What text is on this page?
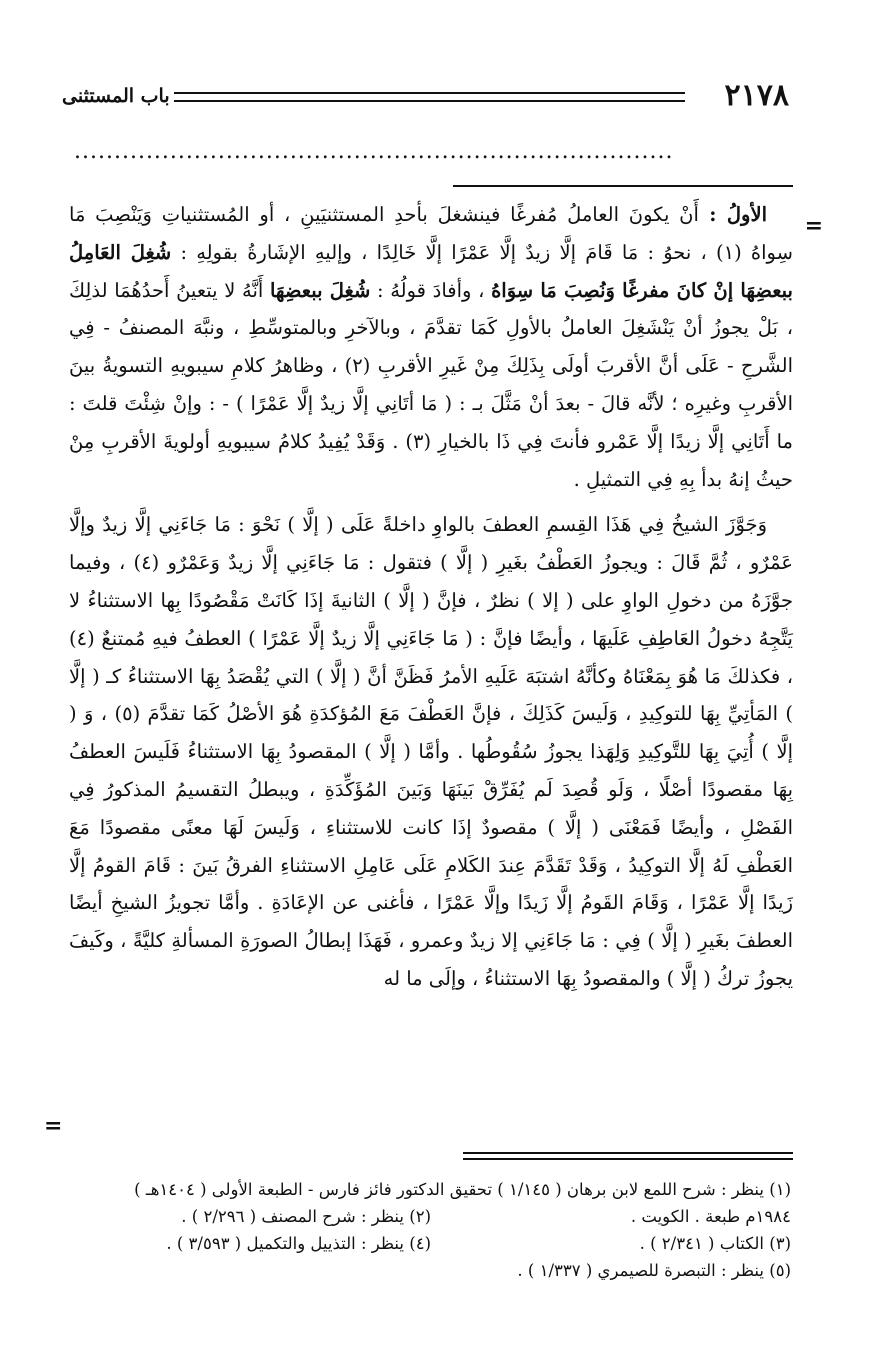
٢١٧٨
باب المستثنى
...........................................................................
=

الأولُ : أَنْ يكونَ العاملُ مُفرغًا فينشغلَ بأحدِ المستثنيَينِ ، أو المُستثنياتِ وَيَنْصِبَ مَا سِواهُ (١) ، نحوُ : مَا قَامَ إلَّا زيدٌ إلَّا عَمْرًا إلَّا خَالِدًا ، وإليهِ الإشَارةُ بقولِهِ : شُغِلَ العَامِلُ ببعضِهَا إنْ كانَ مفرغًا وَنُصِبَ مَا سِوَاهُ ، وأفادَ قولُهُ : شُغِلَ ببعضِهَا أَنَّهُ لا يتعينُ أَحدُهُمَا لذلِكَ ، بَلْ يجوزُ أنْ يَنْشَغِلَ العاملُ بالأولِ كَمَا تقدَّمَ ، وبالآخرِ وبالمتوسِّطِ ، ونبَّهَ المصنفُ - فِي الشَّرحِ - عَلَى أنَّ الأقربَ أولَى بِذَلِكَ مِنْ غَيرِ الأقربِ (٢) ، وظاهرُ كلامِ سيبويهِ التسويةُ بينَ الأقربِ وغيرِه ؛ لأنَّه قالَ - بعدَ أنْ مَثَّلَ بـ : ( مَا أتَانِي إلَّا زيدٌ إلَّا عَمْرًا ) - : وإنْ شِئْتَ قلتَ : ما أَتَانِي إلَّا زيدًا إلَّا عَمْرو فأنتَ فِي ذَا بالخيارِ (٣) . وَقَدْ يُفِيدُ كلامُ سيبويهِ أولويةَ الأقربِ مِنْ حيثُ إنهُ بدأ بِهِ فِي التمثيلِ .

وَجَوَّزَ الشيخُ فِي هَذَا القِسمِ العطفَ بالواوِ داخلةً عَلَى ( إلَّا ) نَحْوَ : مَا جَاءَنِي إلَّا زيدٌ وإلَّا عَمْرٌو ، ثُمَّ قَالَ : ويجوزُ العَطْفُ بغَيرِ ( إلَّا ) فتقول : مَا جَاءَنِي إلَّا زيدٌ وَعَمْرٌو (٤) ، وفيما جوَّزَهُ من دخولِ الواوِ على ( إلا ) نظرٌ ، فإنَّ ( إلَّا ) الثانيةَ إذَا كَانَتْ مَقْصُودًا بِها الاستثناءُ لا يَتَّجِهُ دخولُ العَاطِفِ عَلَيهَا ، وأيضًا فإنَّ : ( مَا جَاءَنِي إلَّا زيدٌ إلَّا عَمْرًا ) العطفُ فيهِ مُمتنعٌ (٤) ، فكذلكَ مَا هُوَ بِمَعْنَاهُ وكأنَّهُ اشتبَهَ عَلَيهِ الأمرُ فَظَنَّ أنَّ ( إلَّا ) التي يُقْصَدُ بِهَا الاستثناءُ كـ ( إلَّا ) المَأتِيِّ بِهَا للتوكِيدِ ، وَلَيسَ كَذَلِكَ ، فإنَّ العَطْفَ مَعَ المُؤكدَةِ هُوَ الأصْلُ كَمَا تقدَّمَ (٥) ، وَ ( إلَّا ) أُتِيَ بِهَا للتَّوكِيدِ وَلِهَذا يجوزُ سُقُوطُها . وأمَّا ( إلَّا ) المقصودُ بِهَا الاستثناءُ فَلَيسَ العطفُ بِهَا مقصودًا أصْلًا ، وَلَو قُصِدَ لَم يُفَرِّقْ بَينَهَا وَبَينَ المُؤَكِّدَةِ ، ويبطلُ التقسيمُ المذكورُ فِي الفَصْلِ ، وأيضًا فَمَعْنَى ( إلَّا ) مقصودٌ إذَا كانت للاستثناءِ ، وَلَيسَ لَهَا معنًى مقصودًا مَعَ العَطْفِ لَهُ إلَّا التوكِيدُ ، وَقَدْ تَقَدَّمَ عِندَ الكَلامِ عَلَى عَامِلِ الاستثناءِ الفرقُ بَينَ : قَامَ القومُ إلَّا زَيدًا إلَّا عَمْرًا ، وَقَامَ القَومُ إلَّا زَيدًا وإلَّا عَمْرًا ، فأغنى عن الإعَادَةِ . وأمَّا تجويزُ الشيخِ أيضًا العطفَ بغَيرِ ( إلَّا ) فِي : مَا جَاءَنِي إلا زيدٌ وعمرو ، فَهَذَا إبطالُ الصورَةِ المسألةِ كليَّةً ، وكَيفَ يجوزُ تركُ ( إلَّا ) والمقصودُ بِهَا الاستثناءُ ، وإلَى ما له

=
(١) ينظر : شرح اللمع لابن برهان ( ١/١٤٥ ) تحقيق الدكتور فائز فارس - الطبعة الأولى ( ١٤٠٤هـ )
١٩٨٤م طبعة . الكويت .
(٢) ينظر : شرح المصنف ( ٢/٢٩٦ ) .
(٣) الكتاب ( ٢/٣٤١ ) .
(٤) ينظر : التذييل والتكميل ( ٣/٥٩٣ ) .
(٥) ينظر : التبصرة للصيمري ( ١/٣٣٧ ) .
